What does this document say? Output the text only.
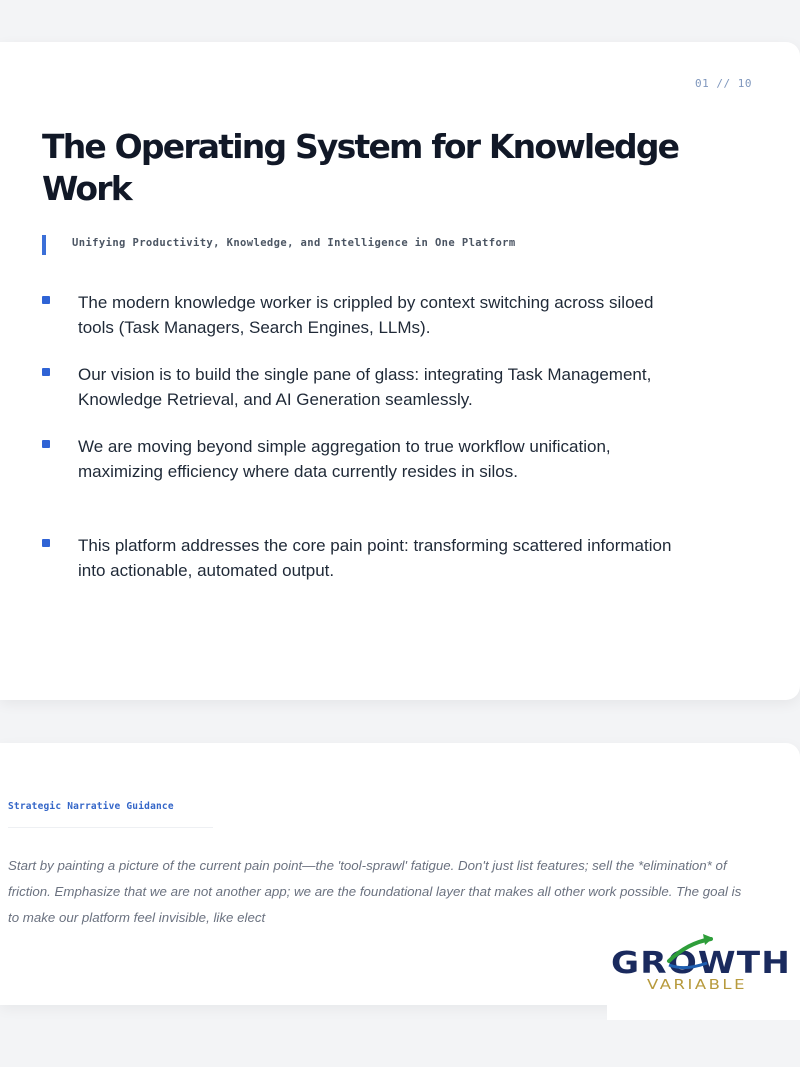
01 // 10
The Operating System for Knowledge Work
Unifying Productivity, Knowledge, and Intelligence in One Platform
The modern knowledge worker is crippled by context switching across siloed tools (Task Managers, Search Engines, LLMs).
Our vision is to build the single pane of glass: integrating Task Management, Knowledge Retrieval, and AI Generation seamlessly.
We are moving beyond simple aggregation to true workflow unification, maximizing efficiency where data currently resides in silos.
This platform addresses the core pain point: transforming scattered information into actionable, automated output.
Strategic Narrative Guidance

Start by painting a picture of the current pain point—the 'tool-sprawl' fatigue. Don't just list features; sell the *elimination* of friction. Emphasize that we are not another app; we are the foundational layer that makes all other work possible. The goal is to make our platform feel invisible, like elect

GROWTH
VARIABLE
